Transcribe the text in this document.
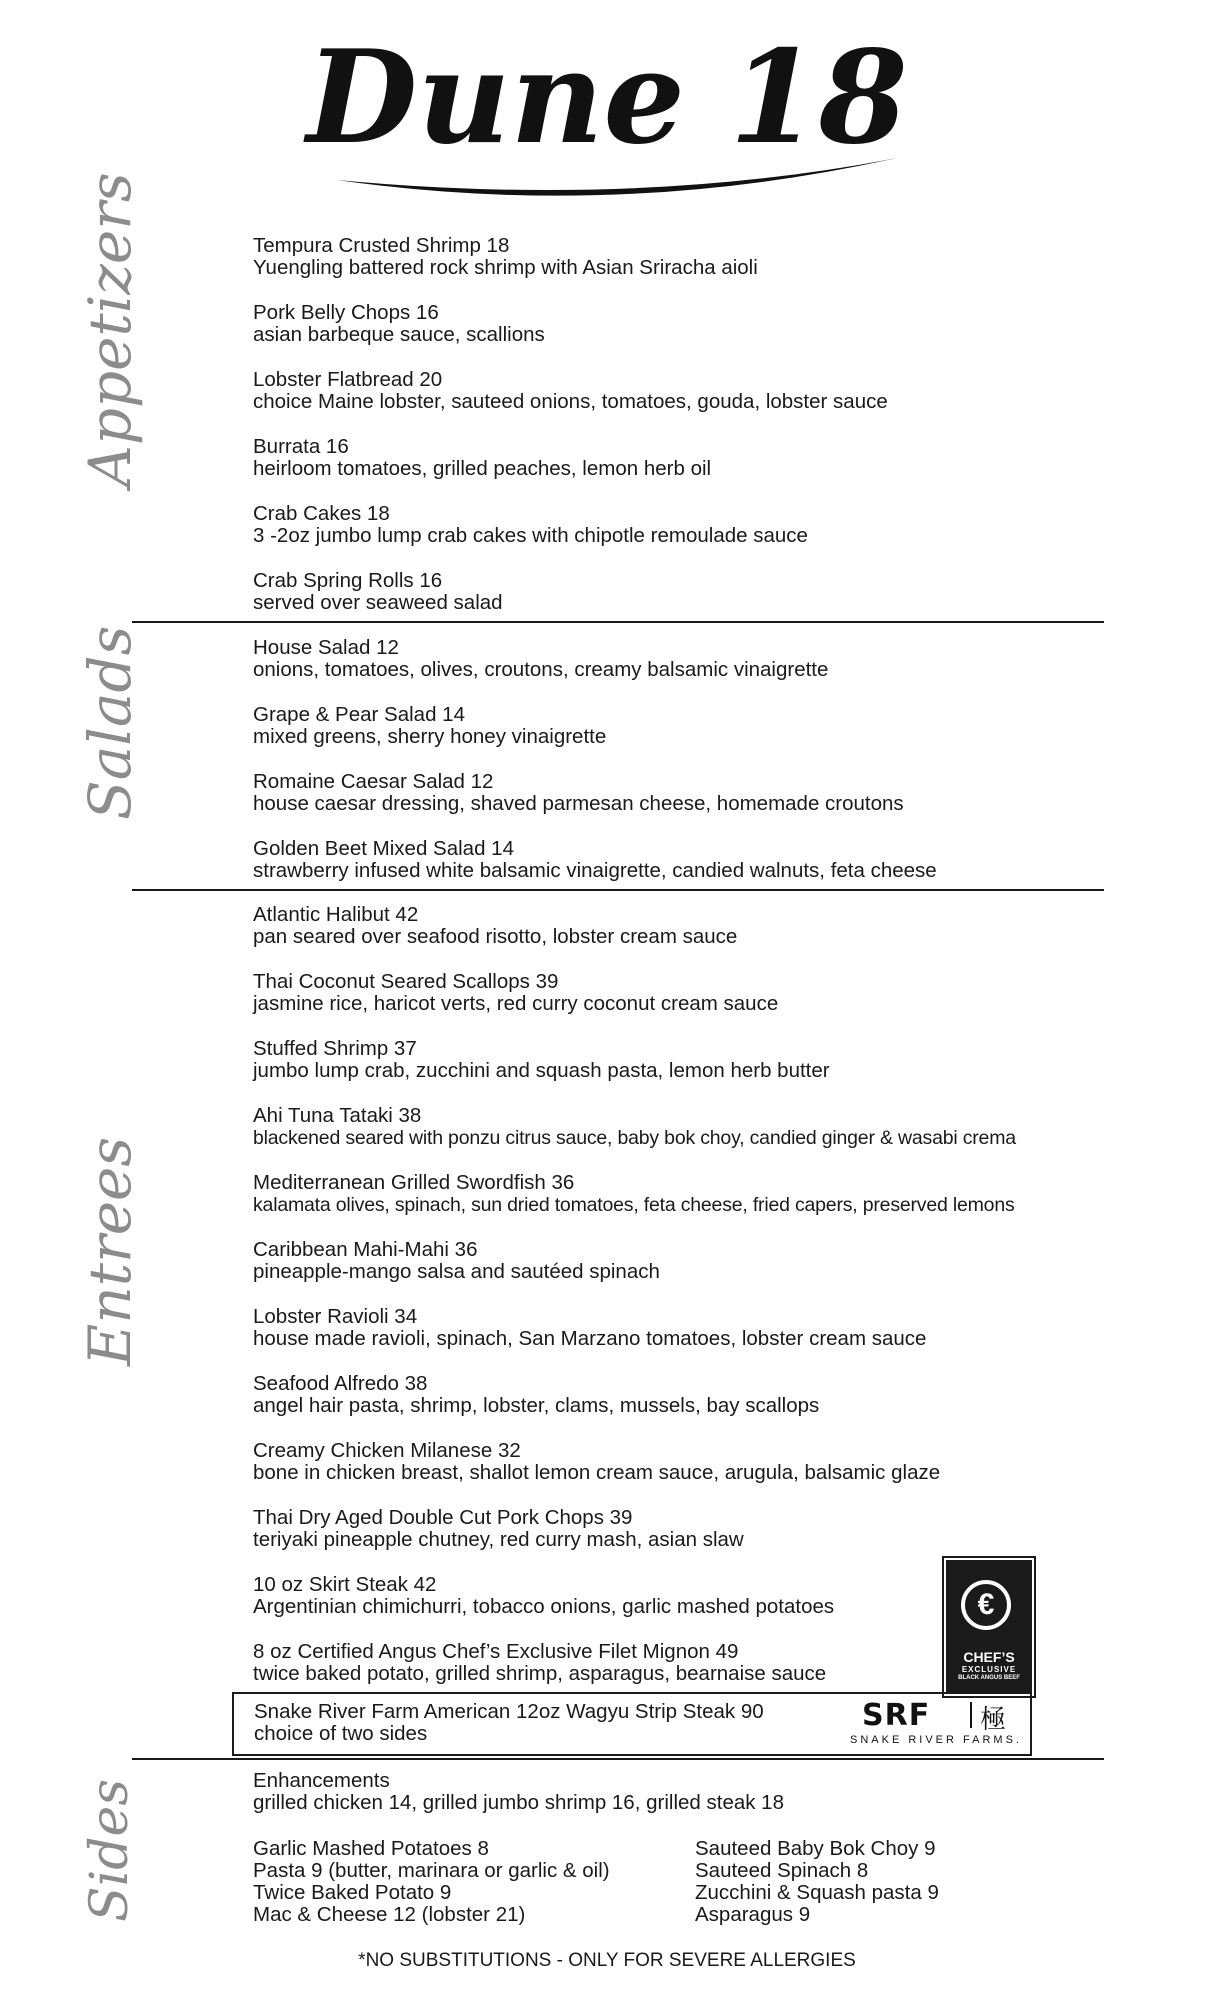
Dune 18
Appetizers	Tempura Crusted Shrimp 18
Yuengling battered rock shrimp with Asian Sriracha aioli
Pork Belly Chops 16
asian barbeque sauce, scallions
Lobster Flatbread 20
choice Maine lobster, sauteed onions, tomatoes, gouda, lobster sauce
Burrata 16
heirloom tomatoes, grilled peaches, lemon herb oil
Crab Cakes 18
3 -2oz jumbo lump crab cakes with chipotle remoulade sauce
Crab Spring Rolls 16
served over seaweed salad
Salads	House Salad 12
onions, tomatoes, olives, croutons, creamy balsamic vinaigrette
Grape & Pear Salad 14
mixed greens, sherry honey vinaigrette
Romaine Caesar Salad 12
house caesar dressing, shaved parmesan cheese, homemade croutons
Golden Beet Mixed Salad 14
strawberry infused white balsamic vinaigrette, candied walnuts, feta cheese
Entrees
Atlantic Halibut 42
pan seared over seafood risotto, lobster cream sauce
Thai Coconut Seared Scallops 39
jasmine rice, haricot verts, red curry coconut cream sauce
Stuffed Shrimp 37
jumbo lump crab, zucchini and squash pasta, lemon herb butter
Ahi Tuna Tataki 38
blackened seared with ponzu citrus sauce, baby bok choy, candied ginger & wasabi crema
Mediterranean Grilled Swordfish 36
kalamata olives, spinach, sun dried tomatoes, feta cheese, fried capers, preserved lemons
Caribbean Mahi-Mahi 36
pineapple-mango salsa and sautéed spinach
Lobster Ravioli 34
house made ravioli, spinach, San Marzano tomatoes, lobster cream sauce
Seafood Alfredo 38
angel hair pasta, shrimp, lobster, clams, mussels, bay scallops
Creamy Chicken Milanese 32
bone in chicken breast, shallot lemon cream sauce, arugula, balsamic glaze
Thai Dry Aged Double Cut Pork Chops 39
teriyaki pineapple chutney, red curry mash, asian slaw
10 oz Skirt Steak 42
Argentinian chimichurri, tobacco onions, garlic mashed potatoes
8 oz Certified Angus Chef’s Exclusive Filet Mignon 49
twice baked potato, grilled shrimp, asparagus, bearnaise sauce
€
CHEF’S
EXCLUSIVE
BLACK ANGUS BEEF
Snake River Farm American 12oz Wagyu Strip Steak 90
choice of two sides
SRF 極
SNAKE RIVER FARMS.
Sides	Enhancements
grilled chicken 14, grilled jumbo shrimp 16, grilled steak 18
Garlic Mashed Potatoes 8
Pasta 9 (butter, marinara or garlic & oil)
Twice Baked Potato 9
Mac & Cheese 12 (lobster 21)
Sauteed Baby Bok Choy 9
Sauteed Spinach 8
Zucchini & Squash pasta 9
Asparagus 9
*NO SUBSTITUTIONS - ONLY FOR SEVERE ALLERGIES
